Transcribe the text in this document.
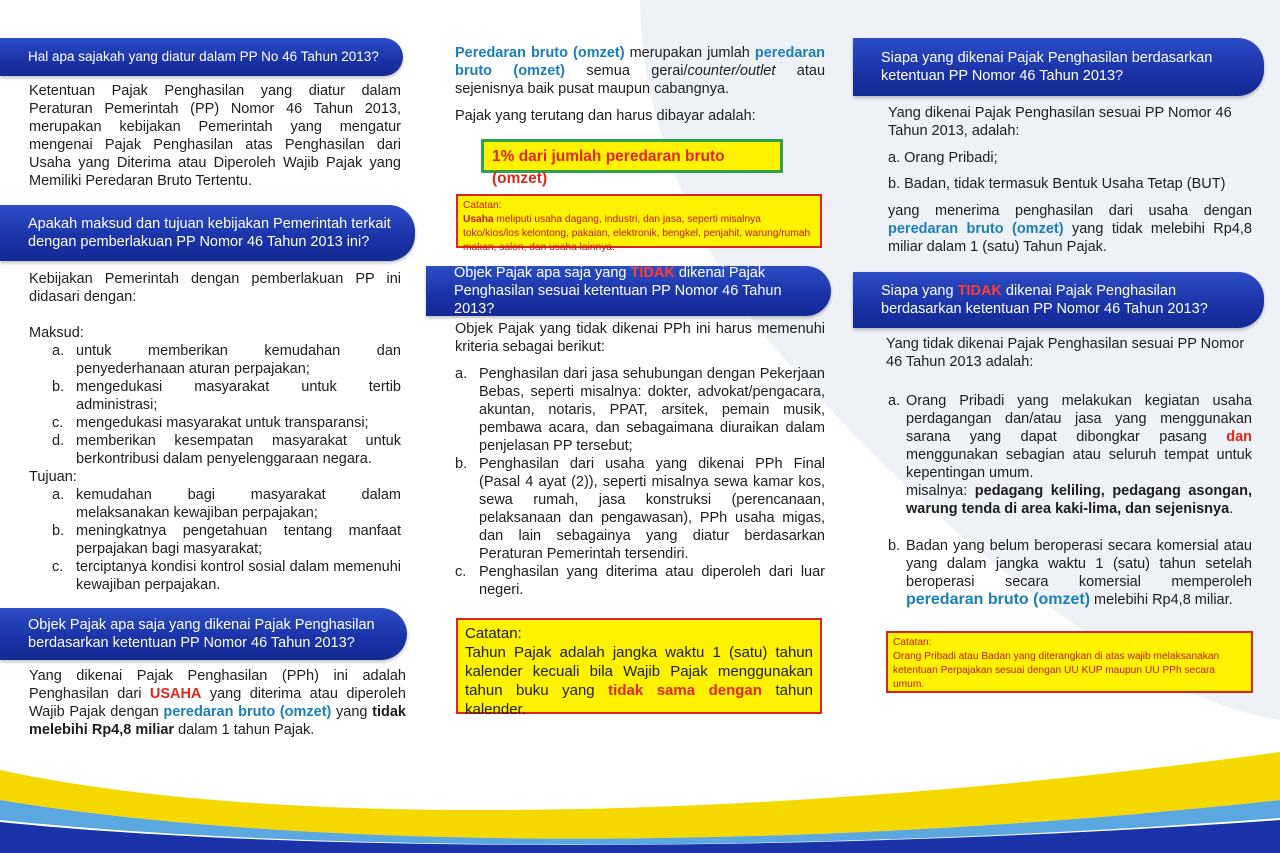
Hal apa sajakah yang diatur dalam PP No 46 Tahun 2013?
Ketentuan Pajak Penghasilan yang diatur dalam Peraturan Pemerintah (PP) Nomor 46 Tahun 2013, merupakan kebijakan Pemerintah yang mengatur mengenai Pajak Penghasilan atas Penghasilan dari Usaha yang Diterima atau Diperoleh Wajib Pajak yang Memiliki Peredaran Bruto Tertentu.
Apakah maksud dan tujuan kebijakan Pemerintah terkait dengan pemberlakuan PP Nomor 46 Tahun 2013 ini?
Kebijakan Pemerintah dengan pemberlakuan PP ini didasari dengan:
Maksud:
a. untuk memberikan kemudahan dan penyederhanaan aturan perpajakan;
b. mengedukasi masyarakat untuk tertib administrasi;
c. mengedukasi masyarakat untuk transparansi;
d. memberikan kesempatan masyarakat untuk berkontribusi dalam penyelenggaraan negara.
Tujuan:
a. kemudahan bagi masyarakat dalam melaksanakan kewajiban perpajakan;
b. meningkatnya pengetahuan tentang manfaat perpajakan bagi masyarakat;
c. terciptanya kondisi kontrol sosial dalam memenuhi kewajiban perpajakan.
Objek Pajak apa saja yang dikenai Pajak Penghasilan berdasarkan ketentuan PP Nomor 46 Tahun 2013?
Yang dikenai Pajak Penghasilan (PPh) ini adalah Penghasilan dari USAHA yang diterima atau diperoleh Wajib Pajak dengan peredaran bruto (omzet) yang tidak melebihi Rp4,8 miliar dalam 1 tahun Pajak.
Peredaran bruto (omzet) merupakan jumlah peredaran bruto (omzet) semua gerai/counter/outlet atau sejenisnya baik pusat maupun cabangnya.
Pajak yang terutang dan harus dibayar adalah:
1% dari jumlah peredaran bruto (omzet)
Catatan:
Usaha meliputi usaha dagang, industri, dan jasa, seperti misalnya toko/kios/los kelontong, pakaian, elektronik, bengkel, penjahit, warung/rumah makan, salon, dan usaha lainnya.
Objek Pajak apa saja yang TIDAK dikenai Pajak Penghasilan sesuai ketentuan PP Nomor 46 Tahun 2013?
Objek Pajak yang tidak dikenai PPh ini harus memenuhi kriteria sebagai berikut:
a. Penghasilan dari jasa sehubungan dengan Pekerjaan Bebas, seperti misalnya: dokter, advokat/pengacara, akuntan, notaris, PPAT, arsitek, pemain musik, pembawa acara, dan sebagaimana diuraikan dalam penjelasan PP tersebut;
b. Penghasilan dari usaha yang dikenai PPh Final (Pasal 4 ayat (2)), seperti misalnya sewa kamar kos, sewa rumah, jasa konstruksi (perencanaan, pelaksanaan dan pengawasan), PPh usaha migas, dan lain sebagainya yang diatur berdasarkan Peraturan Pemerintah tersendiri.
c. Penghasilan yang diterima atau diperoleh dari luar negeri.
Catatan:
Tahun Pajak adalah jangka waktu 1 (satu) tahun kalender kecuali bila Wajib Pajak menggunakan tahun buku yang tidak sama dengan tahun kalender.
Siapa yang dikenai Pajak Penghasilan berdasarkan ketentuan PP Nomor 46 Tahun 2013?
Yang dikenai Pajak Penghasilan sesuai PP Nomor 46 Tahun 2013, adalah:
a. Orang Pribadi;
b. Badan, tidak termasuk Bentuk Usaha Tetap (BUT)
yang menerima penghasilan dari usaha dengan peredaran bruto (omzet) yang tidak melebihi Rp4,8 miliar dalam 1 (satu) Tahun Pajak.
Siapa yang TIDAK dikenai Pajak Penghasilan berdasarkan ketentuan PP Nomor 46 Tahun 2013?
Yang tidak dikenai Pajak Penghasilan sesuai PP Nomor 46 Tahun 2013 adalah:
a. Orang Pribadi yang melakukan kegiatan usaha perdagangan dan/atau jasa yang menggunakan sarana yang dapat dibongkar pasang dan menggunakan sebagian atau seluruh tempat untuk kepentingan umum.
misalnya: pedagang keliling, pedagang asongan, warung tenda di area kaki-lima, dan sejenisnya.
b. Badan yang belum beroperasi secara komersial atau yang dalam jangka waktu 1 (satu) tahun setelah beroperasi secara komersial memperoleh peredaran bruto (omzet) melebihi Rp4,8 miliar.
Catatan:
Orang Pribadi atau Badan yang diterangkan di atas wajib melaksanakan ketentuan Perpajakan sesuai dengan UU KUP maupun UU PPh secara umum.
